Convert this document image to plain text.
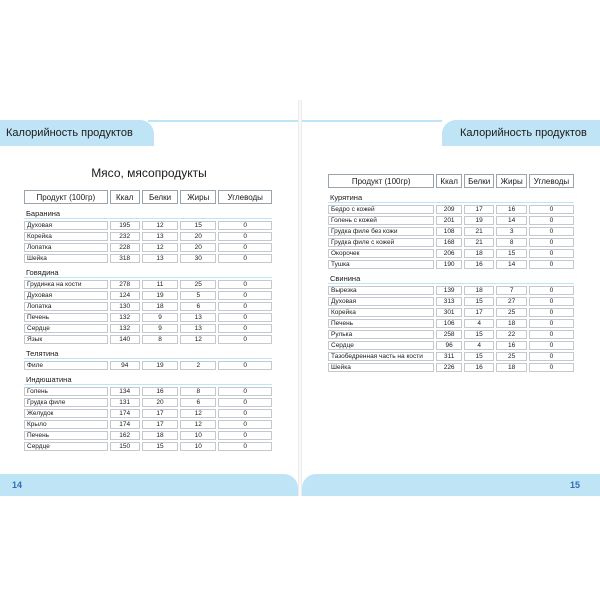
Калорийность продуктов
Мясо, мясопродукты
Продукт (100гр)	Ккал	Белки	Жиры	Углеводы
Баранина				
Духовая	195	12	15	0
Корейка	232	13	20	0
Лопатка	228	12	20	0
Шейка	318	13	30	0
Говядина				
Грудинка на кости	278	11	25	0
Духовая	124	19	5	0
Лопатка	130	18	6	0
Печень	132	9	13	0
Сердце	132	9	13	0
Язык	140	8	12	0
Телятина				
Филе	94	19	2	0
Индюшатина				
Голень	134	16	8	0
Грудка филе	131	20	6	0
Желудок	174	17	12	0
Крыло	174	17	12	0
Печень	162	18	10	0
Сердце	150	15	10	0
14
Калорийность продуктов
Продукт (100гр)	Ккал	Белки	Жиры	Углеводы
Курятина				
Бедро с кожей	209	17	16	0
Голень с кожей	201	19	14	0
Грудка филе без кожи	108	21	3	0
Грудка филе с кожей	168	21	8	0
Окорочек	206	18	15	0
Тушка	190	16	14	0
Свинина				
Вырезка	139	18	7	0
Духовая	313	15	27	0
Корейка	301	17	25	0
Печень	106	4	18	0
Рулька	258	15	22	0
Сердце	96	4	16	0
Тазобедренная часть на кости	311	15	25	0
Шейка	226	16	18	0
15
